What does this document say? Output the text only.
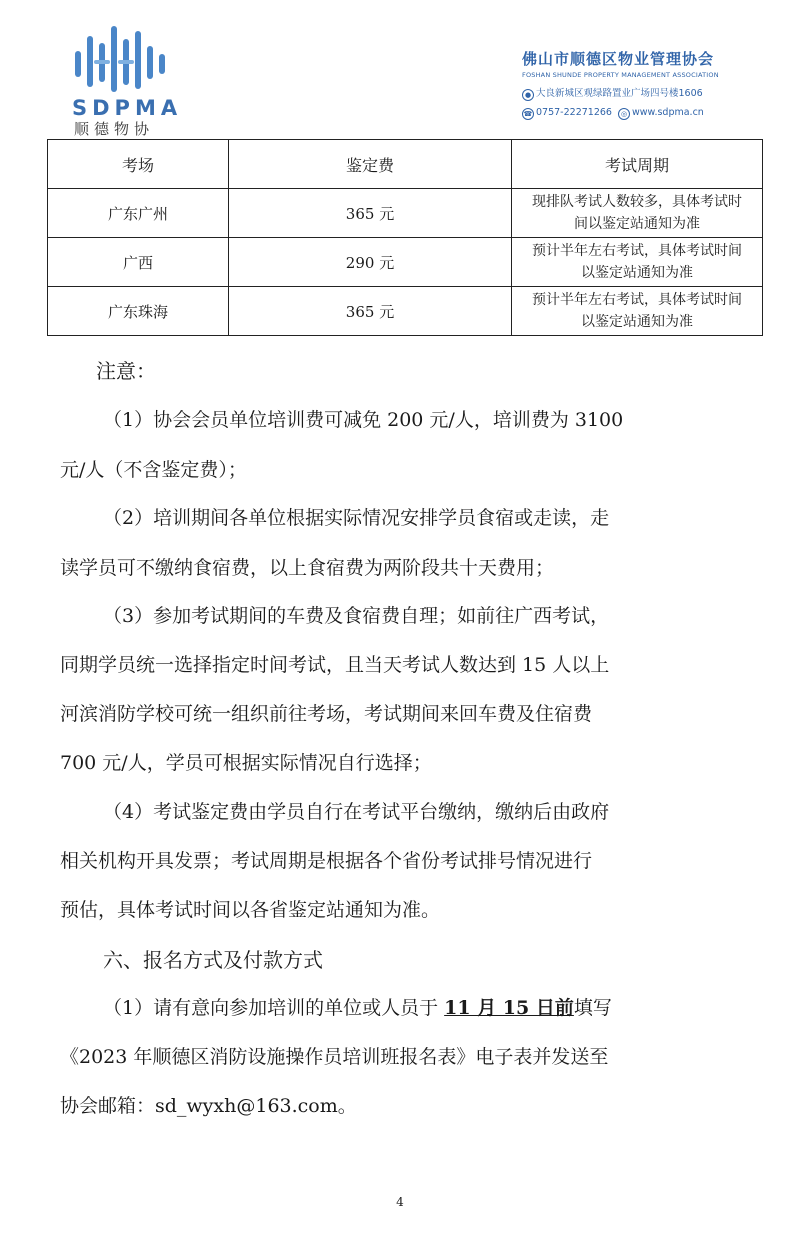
SDPMA
顺德物协
佛山市顺德区物业管理协会
FOSHAN SHUNDE PROPERTY MANAGEMENT ASSOCIATION
● 大良新城区观绿路置业广场四号楼1606
☎ 0757-22271266 ◎ www.sdpma.cn
考场	鉴定费	考试周期
广东广州	365 元	现排队考试人数较多，具体考试时
间以鉴定站通知为准
广西	290 元	预计半年左右考试，具体考试时间
以鉴定站通知为准
广东珠海	365 元	预计半年左右考试，具体考试时间
以鉴定站通知为准
注意：
（1）协会会员单位培训费可减免 200 元/人，培训费为 3100
元/人（不含鉴定费）；
（2）培训期间各单位根据实际情况安排学员食宿或走读，走
读学员可不缴纳食宿费，以上食宿费为两阶段共十天费用；
（3）参加考试期间的车费及食宿费自理；如前往广西考试，
同期学员统一选择指定时间考试，且当天考试人数达到 15 人以上
河滨消防学校可统一组织前往考场，考试期间来回车费及住宿费
700 元/人，学员可根据实际情况自行选择；
（4）考试鉴定费由学员自行在考试平台缴纳，缴纳后由政府
相关机构开具发票；考试周期是根据各个省份考试排号情况进行
预估，具体考试时间以各省鉴定站通知为准。
六、报名方式及付款方式
（1）请有意向参加培训的单位或人员于 11 月 15 日前填写
《2023 年顺德区消防设施操作员培训班报名表》电子表并发送至
协会邮箱：sd_wyxh@163.com。
4
